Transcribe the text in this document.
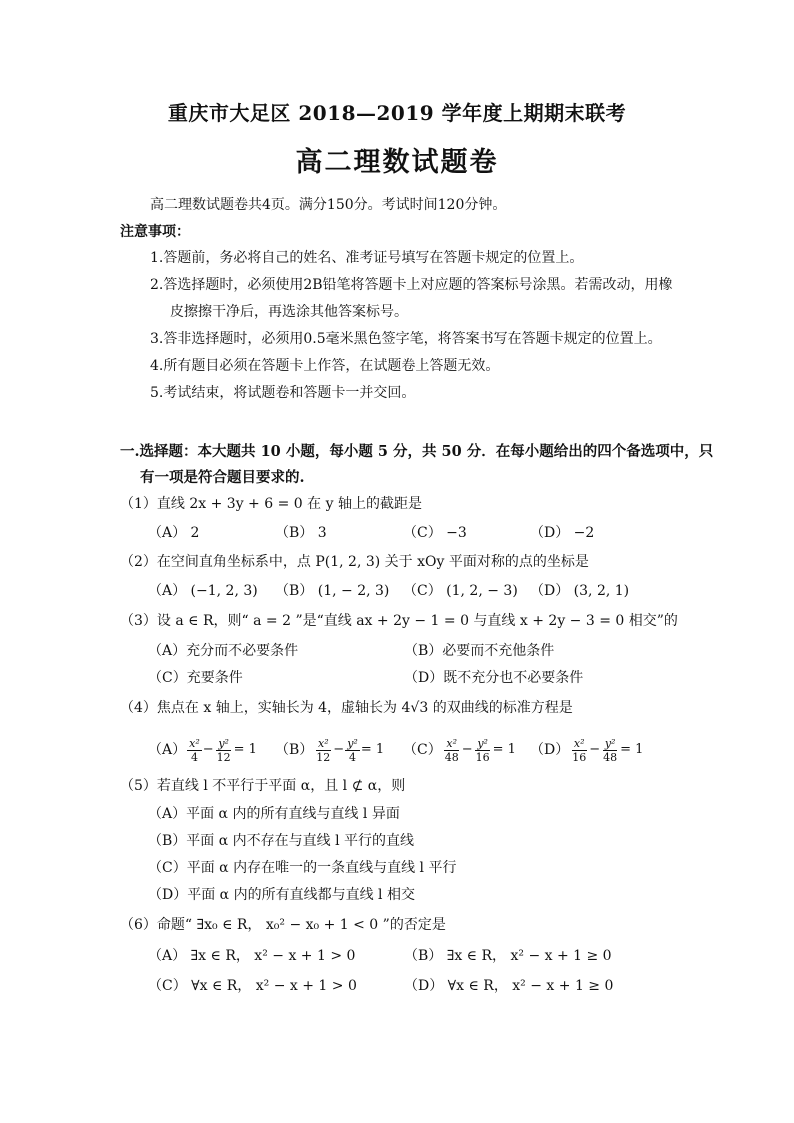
重庆市大足区 2018—2019 学年度上期期末联考
高二理数试题卷
高二理数试题卷共4页。满分150分。考试时间120分钟。
注意事项：
1.答题前，务必将自己的姓名、准考证号填写在答题卡规定的位置上。
2.答选择题时，必须使用2B铅笔将答题卡上对应题的答案标号涂黑。若需改动，用橡
皮擦擦干净后，再选涂其他答案标号。
3.答非选择题时，必须用0.5毫米黑色签字笔，将答案书写在答题卡规定的位置上。
4.所有题目必须在答题卡上作答，在试题卷上答题无效。
5.考试结束，将试题卷和答题卡一并交回。
一.选择题：本大题共 10 小题，每小题 5 分，共 50 分．在每小题给出的四个备选项中，只
有一项是符合题目要求的.
（1）直线 2x + 3y + 6 = 0 在 y 轴上的截距是
（A） 2	（B） 3	（C） −3	（D） −2
（2）在空间直角坐标系中，点 P(1, 2, 3) 关于 xOy 平面对称的点的坐标是
（A） (−1, 2, 3) （B） (1, − 2, 3) （C） (1, 2, − 3) （D） (3, 2, 1)
（3）设 a ∈ R，则“ a = 2 ”是“直线 ax + 2y − 1 = 0 与直线 x + 2y − 3 = 0 相交”的
（A）充分而不必要条件	（B）必要而不充他条件
（C）充要条件	（D）既不充分也不必要条件
（4）焦点在 x 轴上，实轴长为 4，虚轴长为 4√3 的双曲线的标准方程是
$(A) \frac{\text{x²}}{4} - \frac{\text{y²}}{12} = 1$ $(B) \frac{\text{x²}}{12} - \frac{\text{y²}}{4} = 1$ $(C) \frac{\text{x²}}{48} - \frac{\text{y²}}{16} = 1$ $(D) \frac{\text{x²}}{16} - \frac{\text{y²}}{48} = 1$
（5）若直线 l 不平行于平面 α，且 l ⊄ α，则
（A）平面 α 内的所有直线与直线 l 异面
（B）平面 α 内不存在与直线 l 平行的直线
（C）平面 α 内存在唯一的一条直线与直线 l 平行
（D）平面 α 内的所有直线都与直线 l 相交
（6）命题“ ∃x₀ ∈ R， x₀² − x₀ + 1 < 0 ”的否定是
（A） ∃x ∈ R， x² − x + 1 > 0	（B） ∃x ∈ R， x² − x + 1 ≥ 0
（C） ∀x ∈ R， x² − x + 1 > 0	（D） ∀x ∈ R， x² − x + 1 ≥ 0
